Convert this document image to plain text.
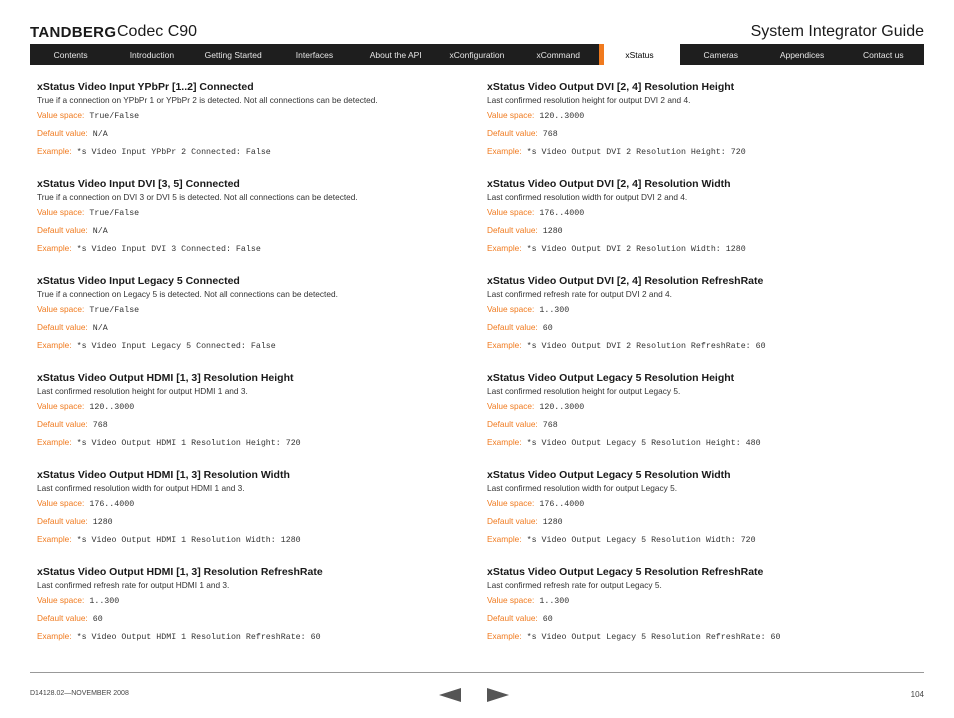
TANDBERG Codec C90	System Integrator Guide
Contents	Introduction	Getting Started	Interfaces	About the API	xConfiguration	xCommand	xStatus	Cameras	Appendices	Contact us

xStatus Video Input YPbPr [1..2] Connected

True if a connection on YPbPr 1 or YPbPr 2 is detected. Not all connections can be detected.

Value space: True/False
Default value: N/A
Example: *s Video Input YPbPr 2 Connected: False

xStatus Video Input DVI [3, 5] Connected

True if a connection on DVI 3 or DVI 5 is detected. Not all connections can be detected.

Value space: True/False
Default value: N/A
Example: *s Video Input DVI 3 Connected: False

xStatus Video Input Legacy 5 Connected

True if a connection on Legacy 5 is detected. Not all connections can be detected.

Value space: True/False
Default value: N/A
Example: *s Video Input Legacy 5 Connected: False

xStatus Video Output HDMI [1, 3] Resolution Height

Last confirmed resolution height for output HDMI 1 and 3.

Value space: 120..3000
Default value: 768
Example: *s Video Output HDMI 1 Resolution Height: 720

xStatus Video Output HDMI [1, 3] Resolution Width

Last confirmed resolution width for output HDMI 1 and 3.

Value space: 176..4000
Default value: 1280
Example: *s Video Output HDMI 1 Resolution Width: 1280

xStatus Video Output HDMI [1, 3] Resolution RefreshRate

Last confirmed refresh rate for output HDMI 1 and 3.

Value space: 1..300
Default value: 60
Example: *s Video Output HDMI 1 Resolution RefreshRate: 60

xStatus Video Output DVI [2, 4] Resolution Height

Last confirmed resolution height for output DVI 2 and 4.

Value space: 120..3000
Default value: 768
Example: *s Video Output DVI 2 Resolution Height: 720

xStatus Video Output DVI [2, 4] Resolution Width

Last confirmed resolution width for output DVI 2 and 4.

Value space: 176..4000
Default value: 1280
Example: *s Video Output DVI 2 Resolution Width: 1280

xStatus Video Output DVI [2, 4] Resolution RefreshRate

Last confirmed refresh rate for output DVI 2 and 4.

Value space: 1..300
Default value: 60
Example: *s Video Output DVI 2 Resolution RefreshRate: 60

xStatus Video Output Legacy 5 Resolution Height

Last confirmed resolution height for output Legacy 5.

Value space: 120..3000
Default value: 768
Example: *s Video Output Legacy 5 Resolution Height: 480

xStatus Video Output Legacy 5 Resolution Width

Last confirmed resolution width for output Legacy 5.

Value space: 176..4000
Default value: 1280
Example: *s Video Output Legacy 5 Resolution Width: 720

xStatus Video Output Legacy 5 Resolution RefreshRate

Last confirmed refresh rate for output Legacy 5.

Value space: 1..300
Default value: 60
Example: *s Video Output Legacy 5 Resolution RefreshRate: 60
D14128.02—NOVEMBER 2008	104
